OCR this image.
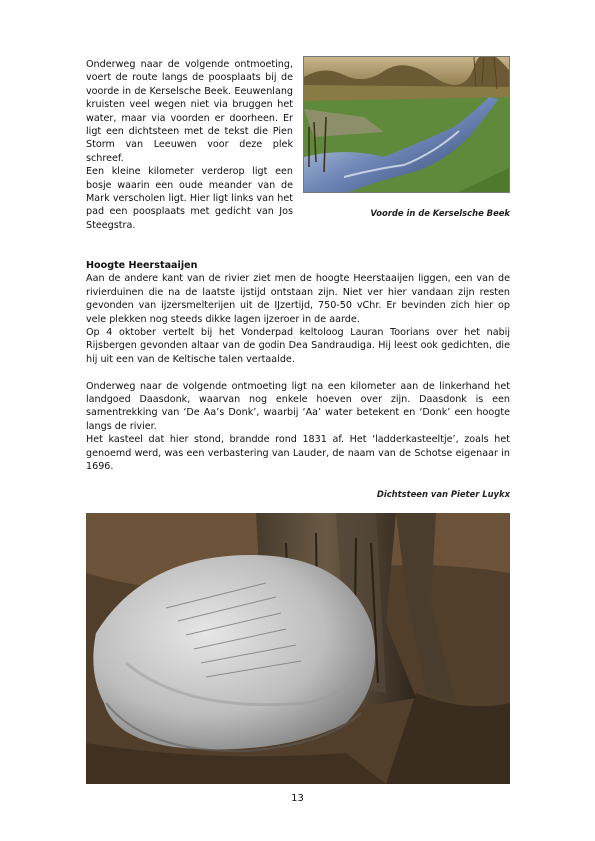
Onderweg naar de volgende ontmoeting, voert de route langs de poosplaats bij de voorde in de Kerselsche Beek. Eeuwenlang kruisten veel wegen niet via bruggen het water, maar via voorden er doorheen. Er ligt een dichtsteen met de tekst die Pien Storm van Leeuwen voor deze plek schreef.

Een kleine kilometer verderop ligt een bosje waarin een oude meander van de Mark verscholen ligt. Hier ligt links van het pad een poosplaats met gedicht van Jos Steegstra.

Voorde in de Kerselsche Beek

Hoogte Heerstaaijen

Aan de andere kant van de rivier ziet men de hoogte Heerstaaijen liggen, een van de rivierduinen die na de laatste ijstijd ontstaan zijn. Niet ver hier vandaan zijn resten gevonden van ijzersmelterijen uit de IJzertijd, 750-50 vChr. Er bevinden zich hier op vele plekken nog steeds dikke lagen ijzeroer in de aarde.

Op 4 oktober vertelt bij het Vonderpad keltoloog Lauran Toorians over het nabij Rijsbergen gevonden altaar van de godin Dea Sandraudiga. Hij leest ook gedichten, die hij uit een van de Keltische talen vertaalde.

Onderweg naar de volgende ontmoeting ligt na een kilometer aan de linkerhand het landgoed Daasdonk, waarvan nog enkele hoeven over zijn. Daasdonk is een samentrekking van ‘De Aa’s Donk’, waarbij ‘Aa’ water betekent en ‘Donk’ een hoogte langs de rivier.

Het kasteel dat hier stond, brandde rond 1831 af. Het ‘ladderkasteeltje’, zoals het genoemd werd, was een verbastering van Lauder, de naam van de Schotse eigenaar in 1696.

Dichtsteen van Pieter Luykx
13
